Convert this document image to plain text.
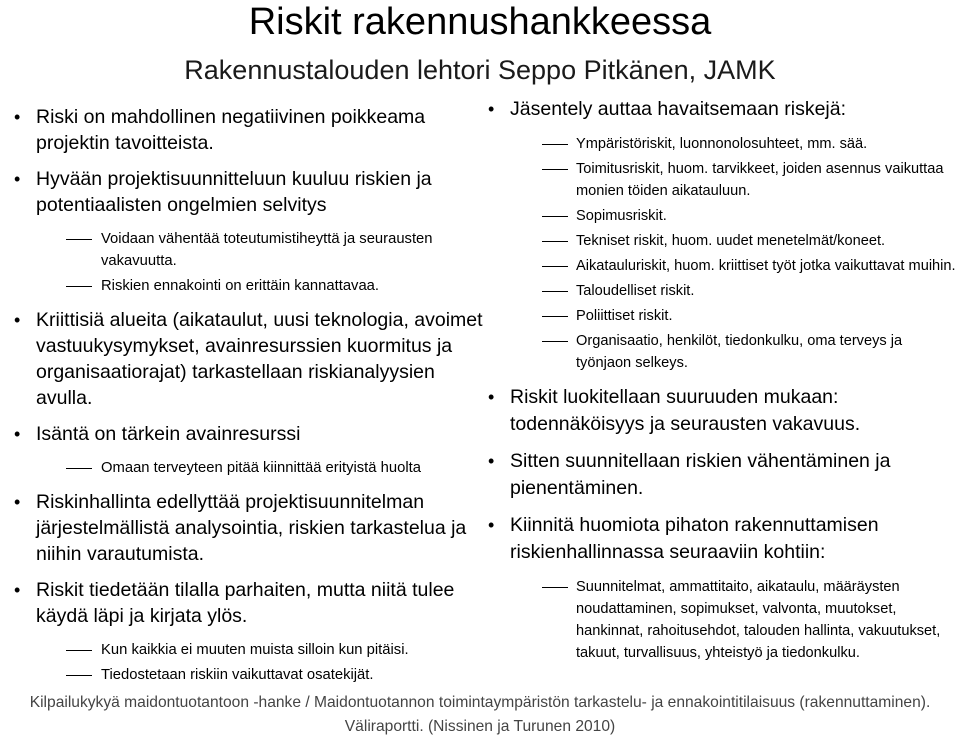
Riskit rakennushankkeessa
Rakennustalouden lehtori Seppo Pitkänen, JAMK
• Riski on mahdollinen negatiivinen poikkeama projektin tavoitteista.
• Hyvään projektisuunnitteluun kuuluu riskien ja potentiaalisten ongelmien selvitys
Voidaan vähentää toteutumistiheyttä ja seurausten vakavuutta.
Riskien ennakointi on erittäin kannattavaa.
• Kriittisiä alueita (aikataulut, uusi teknologia, avoimet vastuukysymykset, avainresurssien kuormitus ja organisaatiorajat) tarkastellaan riskianalyysien avulla.
• Isäntä on tärkein avainresurssi
Omaan terveyteen pitää kiinnittää erityistä huolta
• Riskinhallinta edellyttää projektisuunnitelman järjestelmällistä analysointia, riskien tarkastelua ja niihin varautumista.
• Riskit tiedetään tilalla parhaiten, mutta niitä tulee käydä läpi ja kirjata ylös.
Kun kaikkia ei muuten muista silloin kun pitäisi.
Tiedostetaan riskiin vaikuttavat osatekijät.
• Jäsentely auttaa havaitsemaan riskejä:
Ympäristöriskit, luonnonolosuhteet, mm. sää.
Toimitusriskit, huom. tarvikkeet, joiden asennus vaikuttaa monien töiden aikatauluun.
Sopimusriskit.
Tekniset riskit, huom. uudet menetelmät/koneet.
Aikatauluriskit, huom. kriittiset työt jotka vaikuttavat muihin.
Taloudelliset riskit.
Poliittiset riskit.
Organisaatio, henkilöt, tiedonkulku, oma terveys ja työnjaon selkeys.
• Riskit luokitellaan suuruuden mukaan: todennäköisyys ja seurausten vakavuus.
• Sitten suunnitellaan riskien vähentäminen ja pienentäminen.
• Kiinnitä huomiota pihaton rakennuttamisen riskienhallinnassa seuraaviin kohtiin:
Suunnitelmat, ammattitaito, aikataulu, määräysten noudattaminen, sopimukset, valvonta, muutokset, hankinnat, rahoitusehdot, talouden hallinta, vakuutukset, takuut, turvallisuus, yhteistyö ja tiedonkulku.
Kilpailukykyä maidontuotantoon -hanke / Maidontuotannon toimintaympäristön tarkastelu- ja ennakointitilaisuus (rakennuttaminen). Väliraportti. (Nissinen ja Turunen 2010)
